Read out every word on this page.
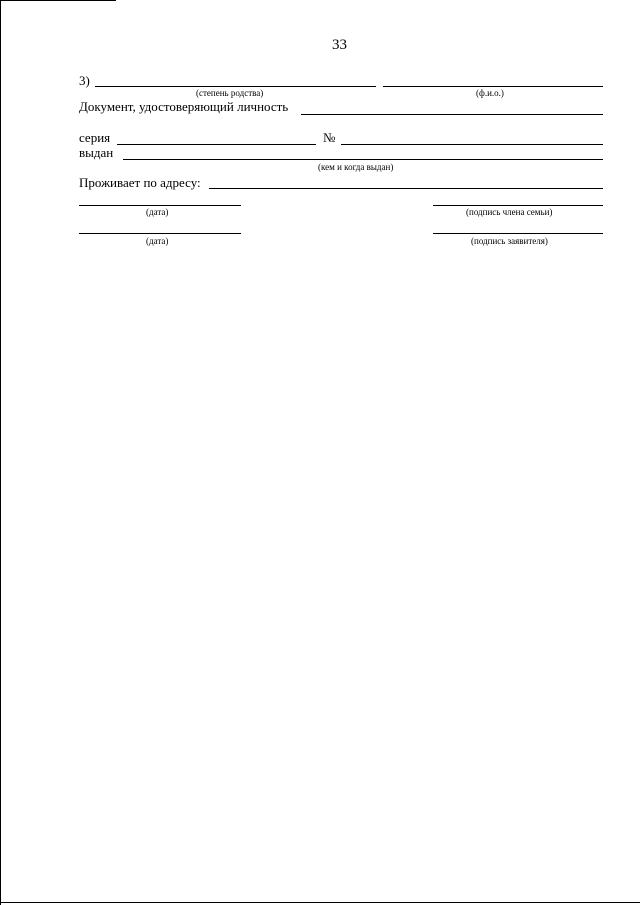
33
3)
(степень родства)	(ф.и.о.)
Документ, удостоверяющий личность
серия	№
выдан
(кем и когда выдан)
Проживает по адресу:
(дата)	(подпись члена семьи)
(дата)	(подпись заявителя)
